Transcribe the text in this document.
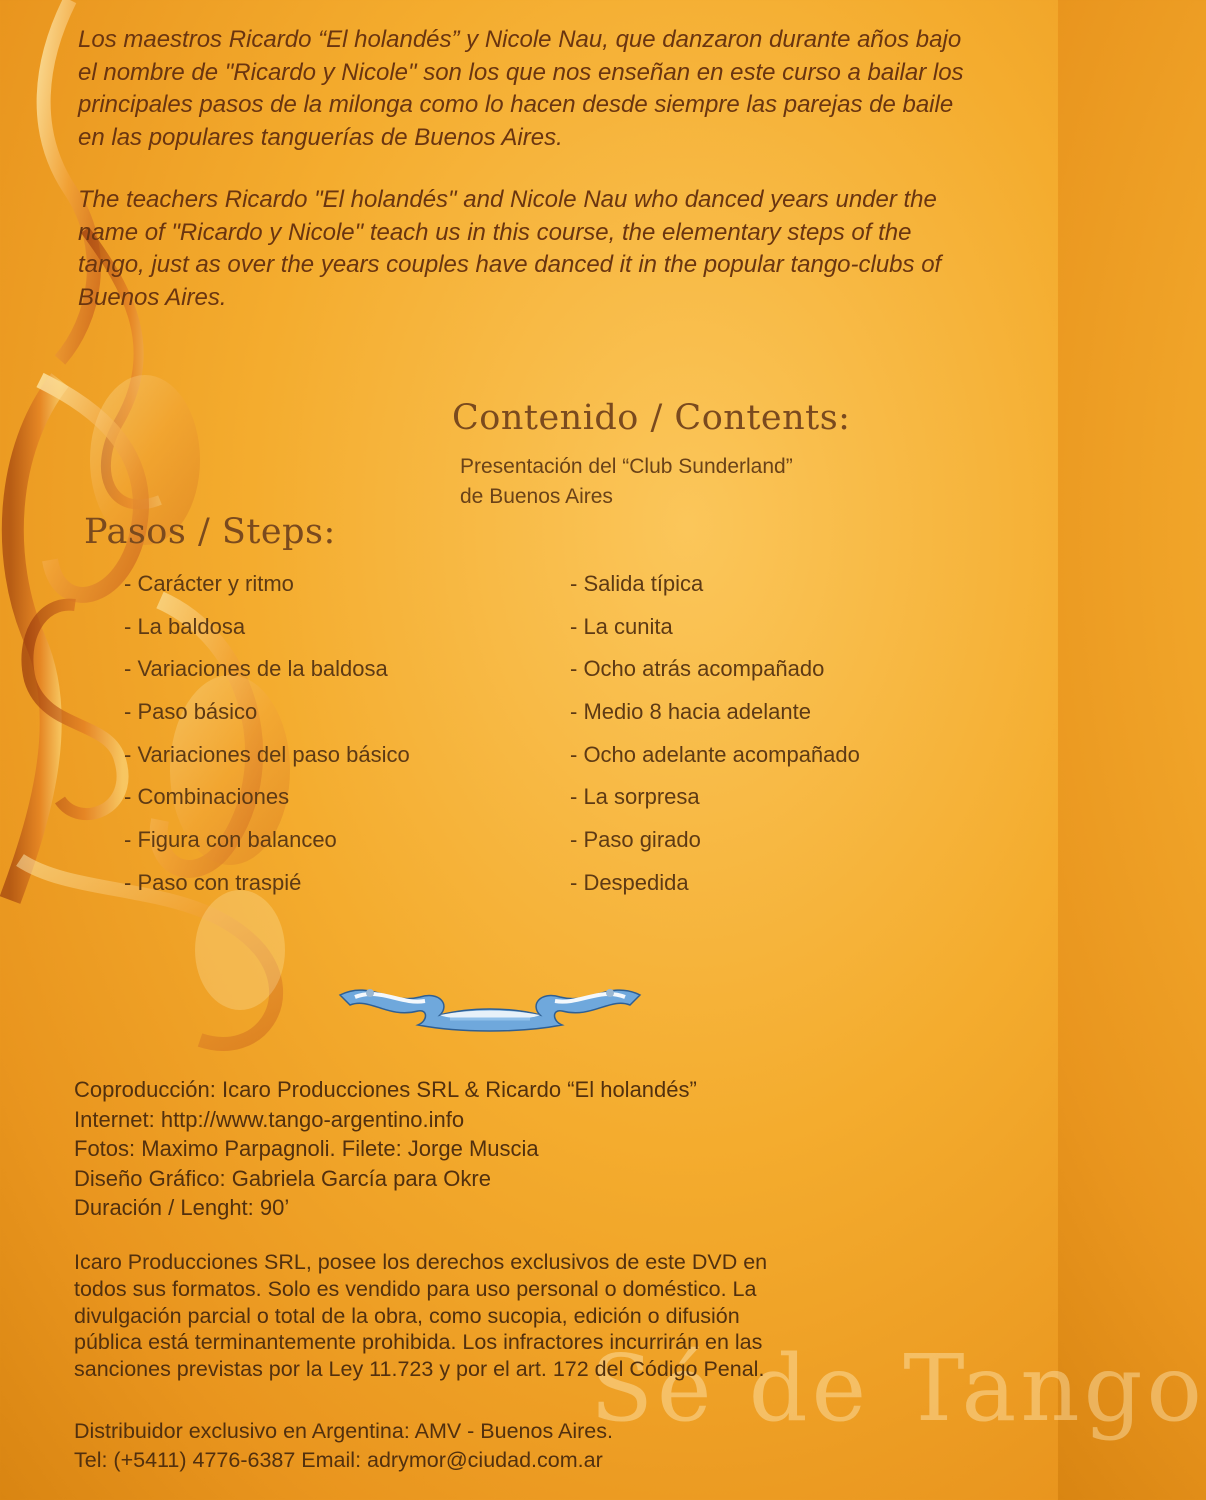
Sé de Tango

Los maestros Ricardo “El holandés” y Nicole Nau, que danzaron durante años bajo el nombre de "Ricardo y Nicole" son los que nos enseñan en este curso a bailar los principales pasos de la milonga como lo hacen desde siempre las parejas de baile en las populares tanguerías de Buenos Aires.

The teachers Ricardo "El holandés" and Nicole Nau who danced years under the name of "Ricardo y Nicole" teach us in this course, the elementary steps of the tango, just as over the years couples have danced it in the popular tango-clubs of Buenos Aires.

Contenido / Contents:
Presentación del “Club Sunderland”
de Buenos Aires
Pasos / Steps:
- Carácter y ritmo
- La baldosa
- Variaciones de la baldosa
- Paso básico
- Variaciones del paso básico
- Combinaciones
- Figura con balanceo
- Paso con traspié
- Salida típica
- La cunita
- Ocho atrás acompañado
- Medio 8 hacia adelante
- Ocho adelante acompañado
- La sorpresa
- Paso girado
- Despedida
Coproducción: Icaro Producciones SRL & Ricardo “El holandés”
Internet: http://www.tango-argentino.info
Fotos: Maximo Parpagnoli. Filete: Jorge Muscia
Diseño Gráfico: Gabriela García para Okre
Duración / Lenght: 90’
Icaro Producciones SRL, posee los derechos exclusivos de este DVD en
todos sus formatos. Solo es vendido para uso personal o doméstico. La
divulgación parcial o total de la obra, como sucopia, edición o difusión
pública está terminantemente prohibida. Los infractores incurrirán en las
sanciones previstas por la Ley 11.723 y por el art. 172 del Código Penal.
Distribuidor exclusivo en Argentina: AMV - Buenos Aires.
Tel: (+5411) 4776-6387 Email: adrymor@ciudad.com.ar
